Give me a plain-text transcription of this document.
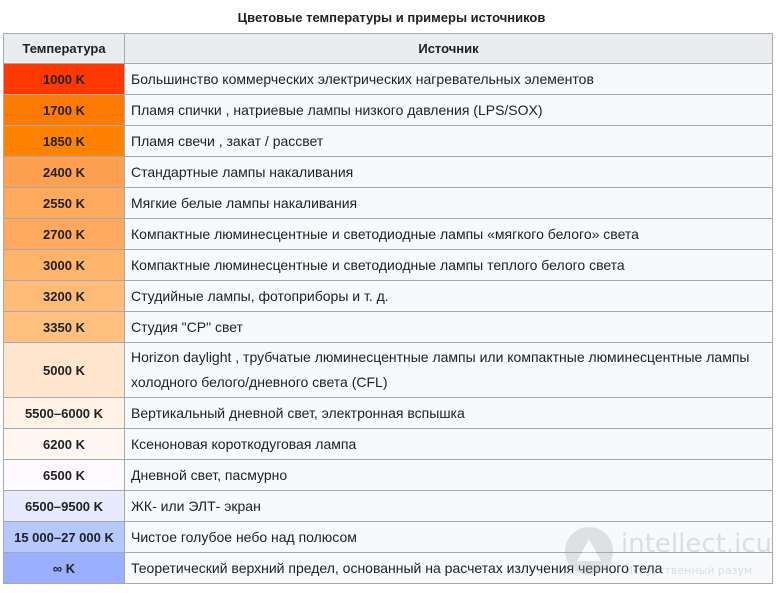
Цветовые температуры и примеры источников
Температура	Источник
1000 K	Большинство коммерческих электрических нагревательных элементов
1700 K	Пламя спички , натриевые лампы низкого давления (LPS/SOX)
1850 K	Пламя свечи , закат / рассвет
2400 K	Стандартные лампы накаливания
2550 K	Мягкие белые лампы накаливания
2700 K	Компактные люминесцентные и светодиодные лампы «мягкого белого» света
3000 K	Компактные люминесцентные и светодиодные лампы теплого белого света
3200 K	Студийные лампы, фотоприборы и т. д.
3350 K	Студия "CP" свет
5000 K	Horizon daylight , трубчатые люминесцентные лампы или компактные люминесцентные лампы холодного белого/дневного света (CFL)
5500–6000 K	Вертикальный дневной свет, электронная вспышка
6200 K	Ксеноновая короткодуговая лампа
6500 K	Дневной свет, пасмурно
6500–9500 K	ЖК- или ЭЛТ- экран
15 000–27 000 K	Чистое голубое небо над полюсом
∞ K	Теоретический верхний предел, основанный на расчетах излучения черного тела
intellect.icu
Искусственный разум
